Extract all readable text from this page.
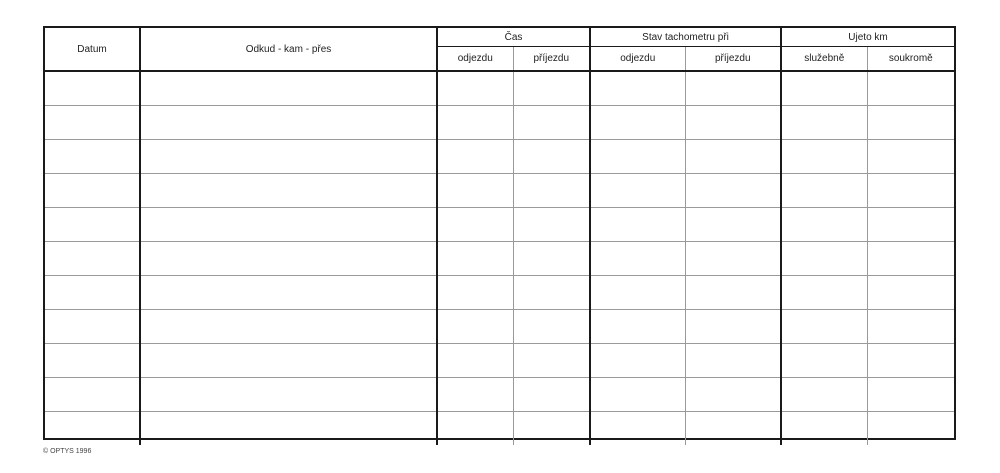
Datum	Odkud - kam - přes	Čas		Stav tachometru při		Ujeto km	
		odjezdu	příjezdu	odjezdu	příjezdu	služebně	soukromě

© OPTYS 1996
